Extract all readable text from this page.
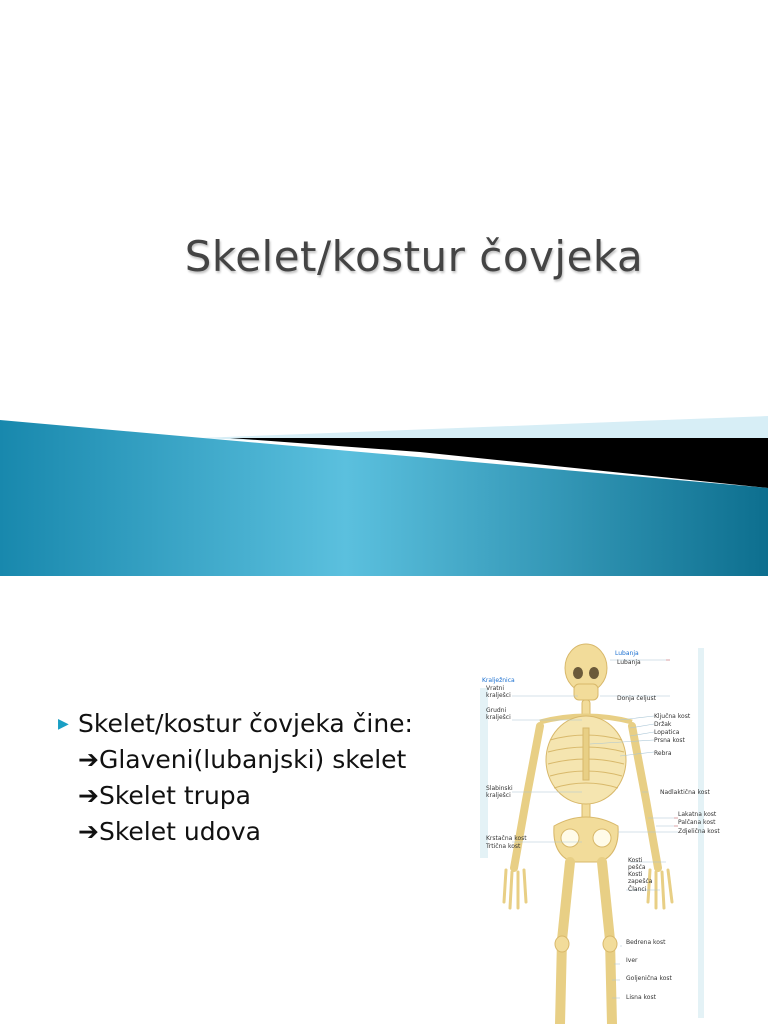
Skelet/kostur čovjeka
▶ Skelet/kostur čovjeka čine:
➔Glaveni(lubanjski) skelet
➔Skelet trupa
➔Skelet udova
Lubanja
Kralježnica
Vratni
kralješci
Grudni
kralješci
Slabinski
kralješci
Krstačna kost
Trtična kost
Lubanja
Donja čeljust
Ključna kost
Držak
Lopatica
Prsna kost
Rebra
Nadlaktična kost
Lakatna kost
Palčana kost
Zdjelična kost
Kosti
pešća
Kosti
zapešća
Članci
Bedrena kost
Iver
Goljenična kost
Lisna kost
